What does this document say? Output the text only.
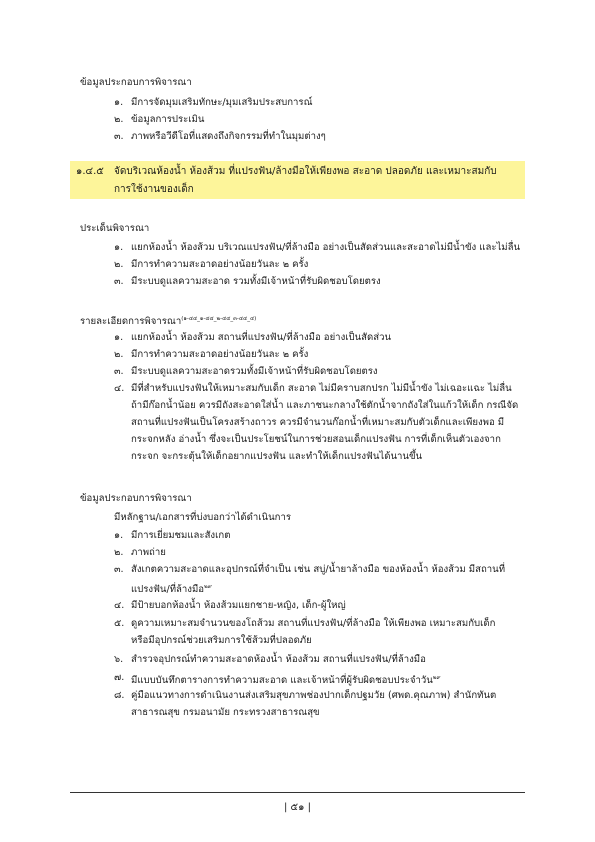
ข้อมูลประกอบการพิจารณา
๑. มีการจัดมุมเสริมทักษะ/มุมเสริมประสบการณ์
๒. ข้อมูลการประเมิน
๓. ภาพหรือวีดีโอที่แสดงถึงกิจกรรมที่ทำในมุมต่างๆ
๑.๔.๕ จัดบริเวณห้องน้ำ ห้องส้วม ที่แปรงฟัน/ล้างมือให้เพียงพอ สะอาด ปลอดภัย และเหมาะสมกับ
การใช้งานของเด็ก
ประเด็นพิจารณา
๑. แยกห้องน้ำ ห้องส้วม บริเวณแปรงฟัน/ที่ล้างมือ อย่างเป็นสัดส่วนและสะอาดไม่มีน้ำขัง และไม่ลื่น
๒. มีการทำความสะอาดอย่างน้อยวันละ ๒ ครั้ง
๓. มีระบบดูแลความสะอาด รวมทั้งมีเจ้าหน้าที่รับผิดชอบโดยตรง
รายละเอียดการพิจารณา$^{(๑-๔๔\_๑-๔๔\_๒-๔๔\_๓-๔๔\_๔)}$
๑. แยกห้องน้ำ ห้องส้วม สถานที่แปรงฟัน/ที่ล้างมือ อย่างเป็นสัดส่วน
๒. มีการทำความสะอาดอย่างน้อยวันละ ๒ ครั้ง
๓. มีระบบดูแลความสะอาดรวมทั้งมีเจ้าหน้าที่รับผิดชอบโดยตรง
๔. มีที่สำหรับแปรงฟันให้เหมาะสมกับเด็ก สะอาด ไม่มีคราบสกปรก ไม่มีน้ำขัง ไม่เฉอะแฉะ ไม่ลื่น
ถ้ามีก๊อกน้ำน้อย ควรมีถังสะอาดใส่น้ำ และภาชนะกลางใช้ตักน้ำจากถังใส่ในแก้วให้เด็ก กรณีจัด
สถานที่แปรงฟันเป็นโครงสร้างถาวร ควรมีจำนวนก๊อกน้ำที่เหมาะสมกับตัวเด็กและเพียงพอ มี
กระจกหลัง อ่างน้ำ ซึ่งจะเป็นประโยชน์ในการช่วยสอนเด็กแปรงฟัน การที่เด็กเห็นตัวเองจาก
กระจก จะกระตุ้นให้เด็กอยากแปรงฟัน และทำให้เด็กแปรงฟันได้นานขึ้น
ข้อมูลประกอบการพิจารณา
มีหลักฐาน/เอกสารที่บ่งบอกว่าได้ดำเนินการ
๑. มีการเยี่ยมชมและสังเกต
๒. ภาพถ่าย
๓. สังเกตความสะอาดและอุปกรณ์ที่จำเป็น เช่น สบู่/น้ำยาล้างมือ ของห้องน้ำ ห้องส้วม มีสถานที่
แปรงฟัน/ที่ล้างมือ$^{๒๙}$
๔. มีป้ายบอกห้องน้ำ ห้องส้วมแยกชาย-หญิง, เด็ก-ผู้ใหญ่
๕. ดูความเหมาะสมจำนวนของโถส้วม สถานที่แปรงฟัน/ที่ล้างมือ ให้เพียงพอ เหมาะสมกับเด็ก
หรือมีอุปกรณ์ช่วยเสริมการใช้ส้วมที่ปลอดภัย
๖. สำรวจอุปกรณ์ทำความสะอาดห้องน้ำ ห้องส้วม สถานที่แปรงฟัน/ที่ล้างมือ
๗. มีแบบบันทึกตารางการทำความสะอาด และเจ้าหน้าที่ผู้รับผิดชอบประจำวัน$^{๒๙}$
๘. คู่มือแนวทางการดำเนินงานส่งเสริมสุขภาพช่องปากเด็กปฐมวัย (ศพด.คุณภาพ) สำนักทันต
สาธารณสุข กรมอนามัย กระทรวงสาธารณสุข
| ๕๑ |
